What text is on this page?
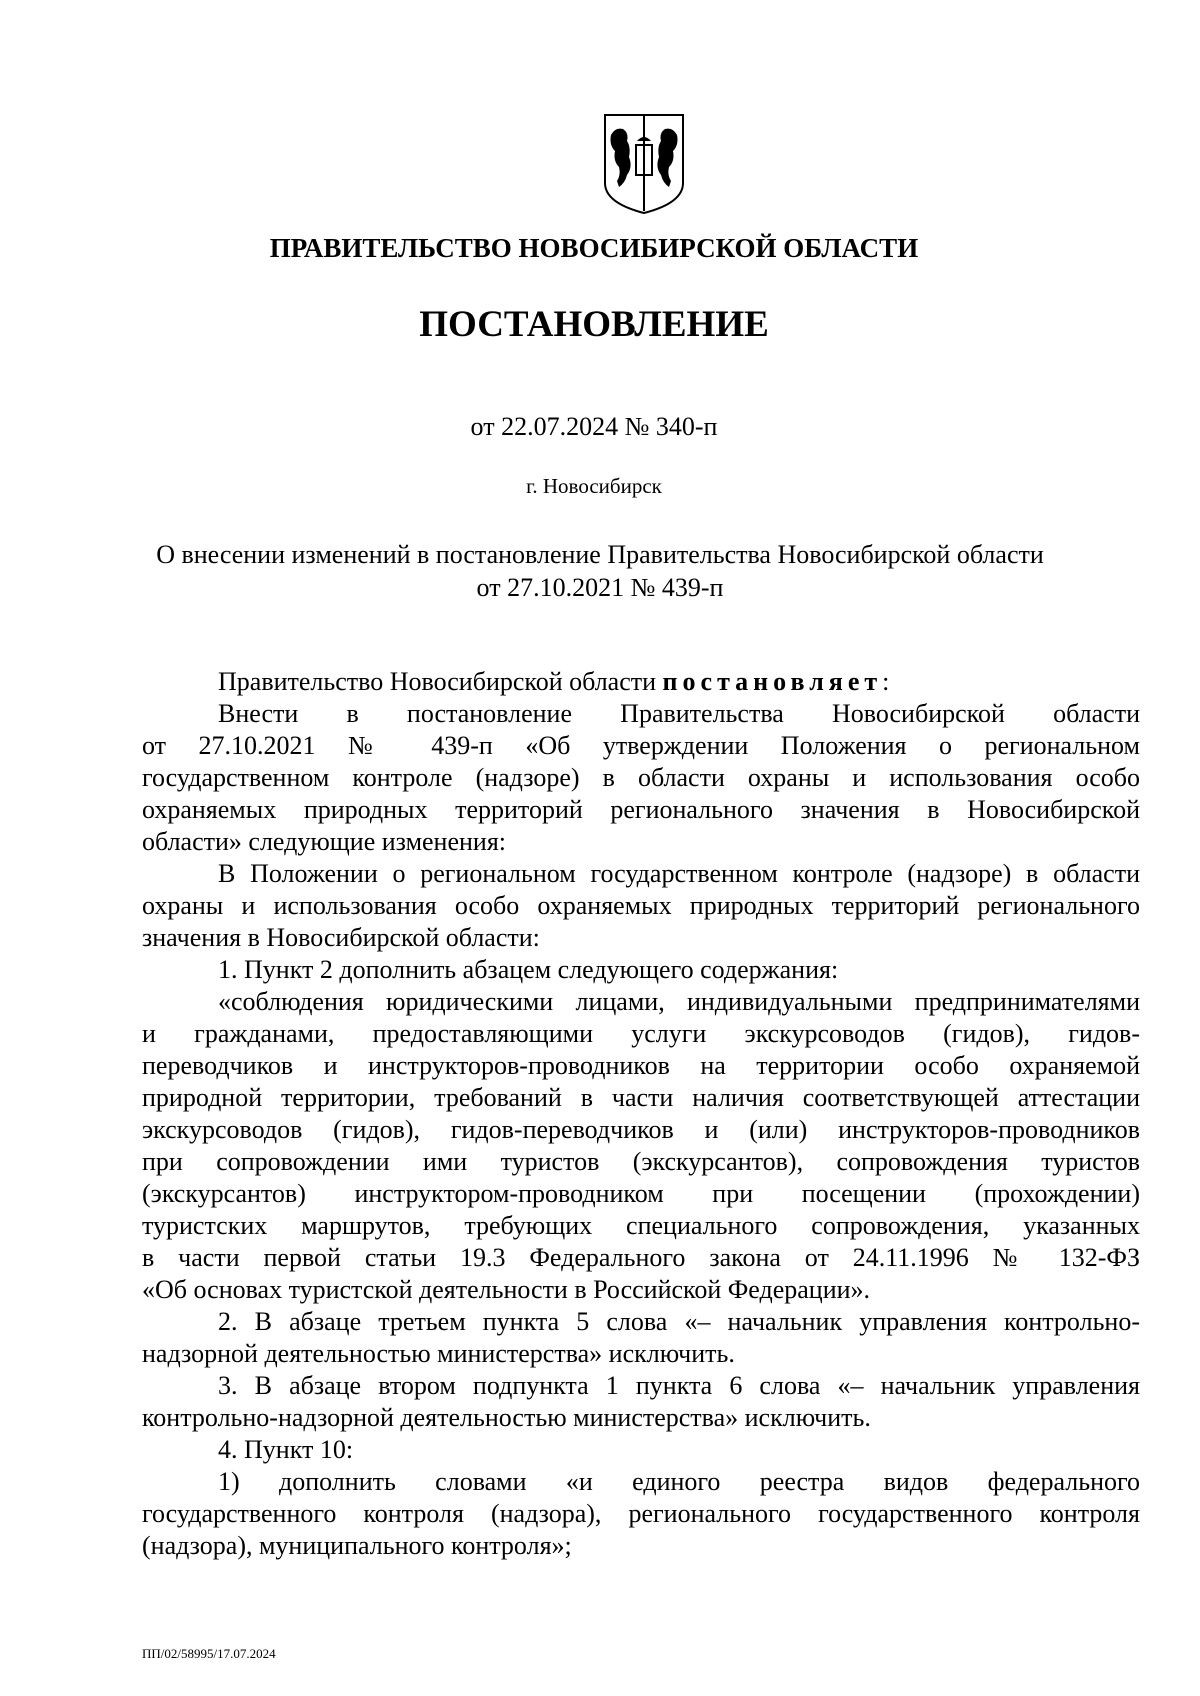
ПРАВИТЕЛЬСТВО НОВОСИБИРСКОЙ ОБЛАСТИ
ПОСТАНОВЛЕНИЕ
от 22.07.2024 № 340-п
г. Новосибирск
О внесении изменений в постановление Правительства Новосибирской области
от 27.10.2021 № 439-п
Правительство Новосибирской области постановляет:
Внести в постановление Правительства Новосибирской области
от 27.10.2021 № 439-п «Об утверждении Положения о региональном
государственном контроле (надзоре) в области охраны и использования особо
охраняемых природных территорий регионального значения в Новосибирской
области» следующие изменения:
В Положении о региональном государственном контроле (надзоре) в области
охраны и использования особо охраняемых природных территорий регионального
значения в Новосибирской области:
1. Пункт 2 дополнить абзацем следующего содержания:
«соблюдения юридическими лицами, индивидуальными предпринимателями
и гражданами, предоставляющими услуги экскурсоводов (гидов), гидов-
переводчиков и инструкторов-проводников на территории особо охраняемой
природной территории, требований в части наличия соответствующей аттестации
экскурсоводов (гидов), гидов-переводчиков и (или) инструкторов-проводников
при сопровождении ими туристов (экскурсантов), сопровождения туристов
(экскурсантов) инструктором-проводником при посещении (прохождении)
туристских маршрутов, требующих специального сопровождения, указанных
в части первой статьи 19.3 Федерального закона от 24.11.1996 № 132-ФЗ
«Об основах туристской деятельности в Российской Федерации».
2. В абзаце третьем пункта 5 слова «– начальник управления контрольно-
надзорной деятельностью министерства» исключить.
3. В абзаце втором подпункта 1 пункта 6 слова «– начальник управления
контрольно-надзорной деятельностью министерства» исключить.
4. Пункт 10:
1) дополнить словами «и единого реестра видов федерального
государственного контроля (надзора), регионального государственного контроля
(надзора), муниципального контроля»;
ПП/02/58995/17.07.2024
